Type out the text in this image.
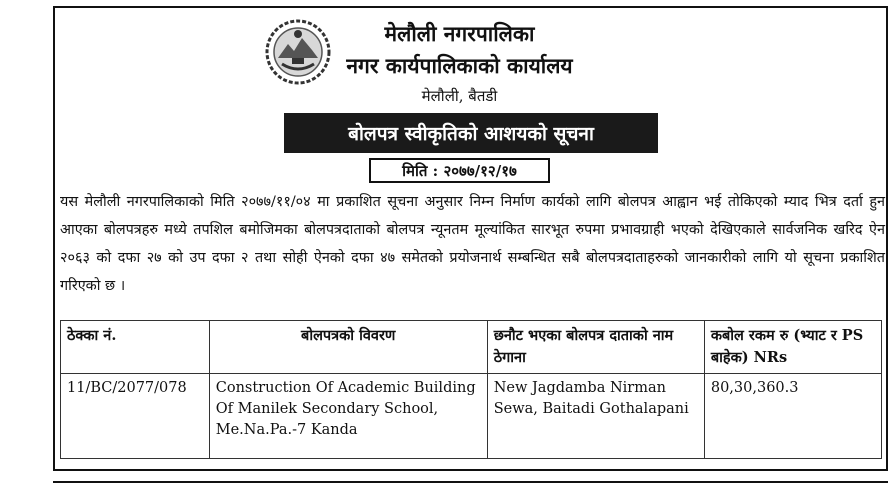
मेलौली नगरपालिका
नगर कार्यपालिकाको कार्यालय
मेलौली, बैतडी
बोलपत्र स्वीकृतिको आशयको सूचना
मिति : २०७७/१२/१७
यस मेलौली नगरपालिकाको मिति २०७७/११/०४ मा प्रकाशित सूचना अनुसार निम्न निर्माण कार्यको लागि बोलपत्र आह्वान भई तोकिएको म्याद भित्र दर्ता हुन आएका बोलपत्रहरु मध्ये तपशिल बमोजिमका बोलपत्रदाताको बोलपत्र न्यूनतम मूल्यांकित सारभूत रुपमा प्रभावग्राही भएको देखिएकाले सार्वजनिक खरिद ऐन २०६३ को दफा २७ को उप दफा २ तथा सोही ऐनको दफा ४७ समेतको प्रयोजनार्थ सम्बन्धित सबै बोलपत्रदाताहरुको जानकारीको लागि यो सूचना प्रकाशित गरिएको छ ।
ठेक्का नं.	बोलपत्रको विवरण	छनौट भएका बोलपत्र दाताको नाम ठेगाना	कबोल रकम रु (भ्याट र PS बाहेक) NRs
11/BC/2077/078	Construction Of Academic Building Of Manilek Secondary School, Me.Na.Pa.-7 Kanda	New Jagdamba Nirman Sewa, Baitadi Gothalapani	80,30,360.3
